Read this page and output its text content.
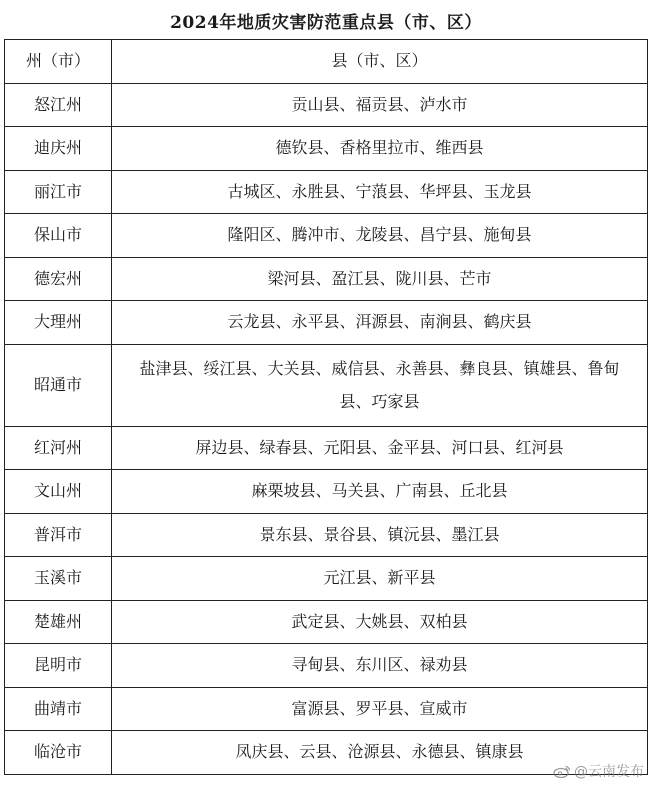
2024年地质灾害防范重点县（市、区）
州（市）	县（市、区）
怒江州	贡山县、福贡县、泸水市
迪庆州	德钦县、香格里拉市、维西县
丽江市	古城区、永胜县、宁蒗县、华坪县、玉龙县
保山市	隆阳区、腾冲市、龙陵县、昌宁县、施甸县
德宏州	梁河县、盈江县、陇川县、芒市
大理州	云龙县、永平县、洱源县、南涧县、鹤庆县
昭通市	盐津县、绥江县、大关县、威信县、永善县、彝良县、镇雄县、鲁甸县、巧家县
红河州	屏边县、绿春县、元阳县、金平县、河口县、红河县
文山州	麻栗坡县、马关县、广南县、丘北县
普洱市	景东县、景谷县、镇沅县、墨江县
玉溪市	元江县、新平县
楚雄州	武定县、大姚县、双柏县
昆明市	寻甸县、东川区、禄劝县
曲靖市	富源县、罗平县、宣威市
临沧市	凤庆县、云县、沧源县、永德县、镇康县
@云南发布
